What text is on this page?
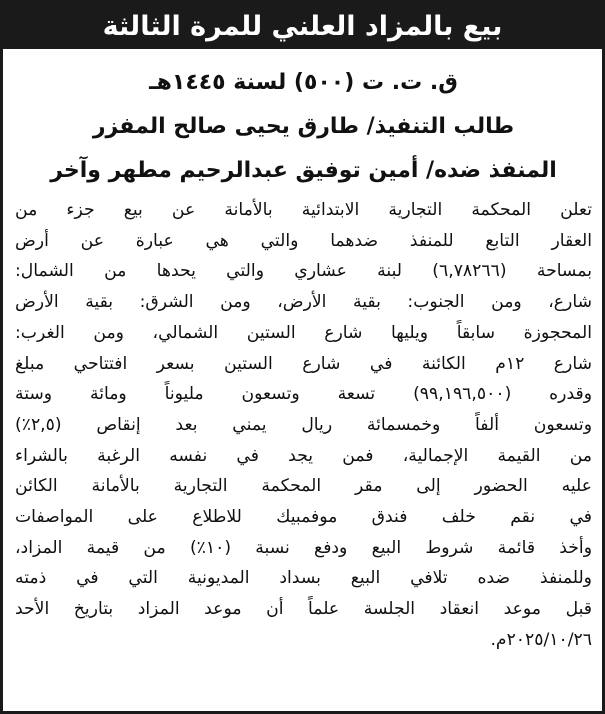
بيع بالمزاد العلني للمرة الثالثة
ق. ت. ت (٥٠٠) لسنة ١٤٤٥هـ
طالب التنفيذ/ طارق يحيى صالح المفزر
المنفذ ضده/ أمين توفيق عبدالرحيم مطهر وآخر
تعلن المحكمة التجارية الابتدائية بالأمانة عن بيع جزء من
العقار التابع للمنفذ ضدهما والتي هي عبارة عن أرض
بمساحة (٦,٧٨٢٦٦) لبنة عشاري والتي يحدها من الشمال:
شارع، ومن الجنوب: بقية الأرض، ومن الشرق: بقية الأرض
المحجوزة سابقاً ويليها شارع الستين الشمالي، ومن الغرب:
شارع ١٢م الكائنة في شارع الستين بسعر افتتاحي مبلغ
وقدره (٩٩,١٩٦,٥٠٠) تسعة وتسعون مليوناً ومائة وستة
وتسعون ألفاً وخمسمائة ريال يمني بعد إنقاص (٢,٥٪)
من القيمة الإجمالية، فمن يجد في نفسه الرغبة بالشراء
عليه الحضور إلى مقر المحكمة التجارية بالأمانة الكائن
في نقم خلف فندق موفمبيك للاطلاع على المواصفات
وأخذ قائمة شروط البيع ودفع نسبة (١٠٪) من قيمة المزاد،
وللمنفذ ضده تلافي البيع بسداد المديونية التي في ذمته
قبل موعد انعقاد الجلسة علماً أن موعد المزاد بتاريخ الأحد
٢٠٢٥/١٠/٢٦م.
